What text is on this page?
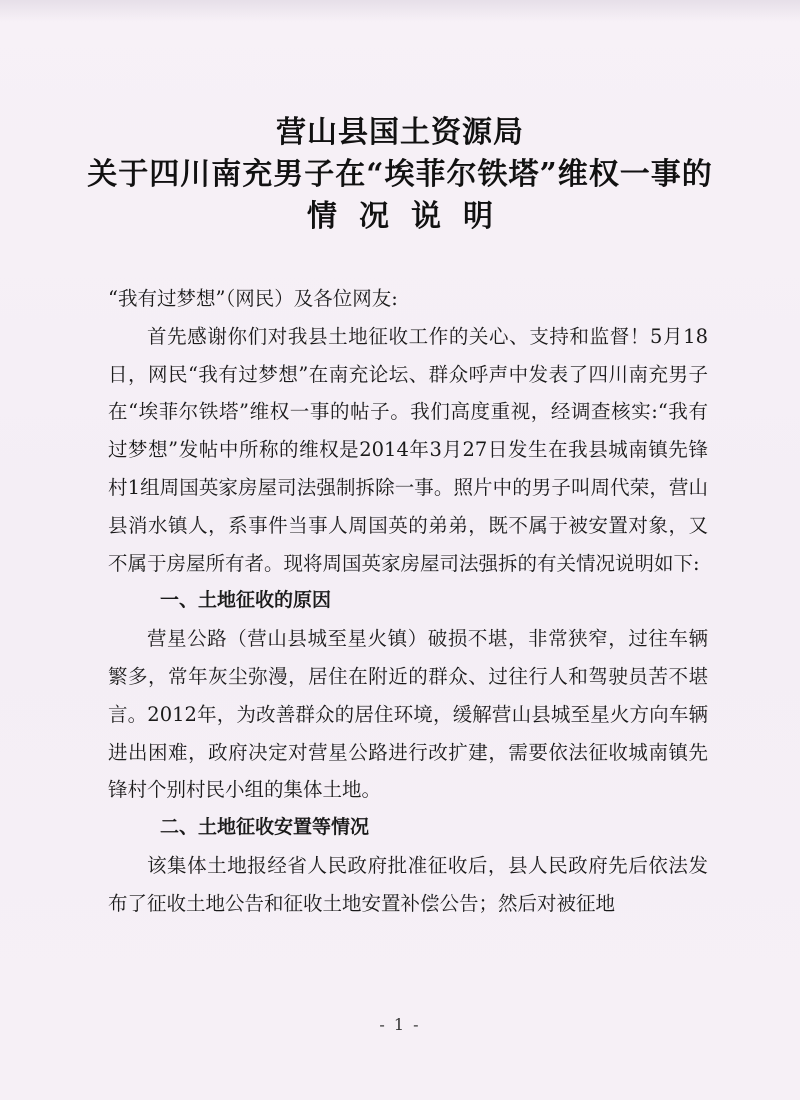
营山县国土资源局
关于四川南充男子在“埃菲尔铁塔”维权一事的
情况说明

“我有过梦想”（网民）及各位网友:

首先感谢你们对我县土地征收工作的关心、支持和监督！5月18日，网民“我有过梦想”在南充论坛、群众呼声中发表了四川南充男子在“埃菲尔铁塔”维权一事的帖子。我们高度重视，经调查核实:“我有过梦想”发帖中所称的维权是2014年3月27日发生在我县城南镇先锋村1组周国英家房屋司法强制拆除一事。照片中的男子叫周代荣，营山县消水镇人，系事件当事人周国英的弟弟，既不属于被安置对象，又不属于房屋所有者。现将周国英家房屋司法强拆的有关情况说明如下:

一、土地征收的原因

营星公路（营山县城至星火镇）破损不堪，非常狭窄，过往车辆繁多，常年灰尘弥漫，居住在附近的群众、过往行人和驾驶员苦不堪言。2012年，为改善群众的居住环境，缓解营山县城至星火方向车辆进出困难，政府决定对营星公路进行改扩建，需要依法征收城南镇先锋村个别村民小组的集体土地。

二、土地征收安置等情况

该集体土地报经省人民政府批准征收后，县人民政府先后依法发布了征收土地公告和征收土地安置补偿公告；然后对被征地

- 1 -
